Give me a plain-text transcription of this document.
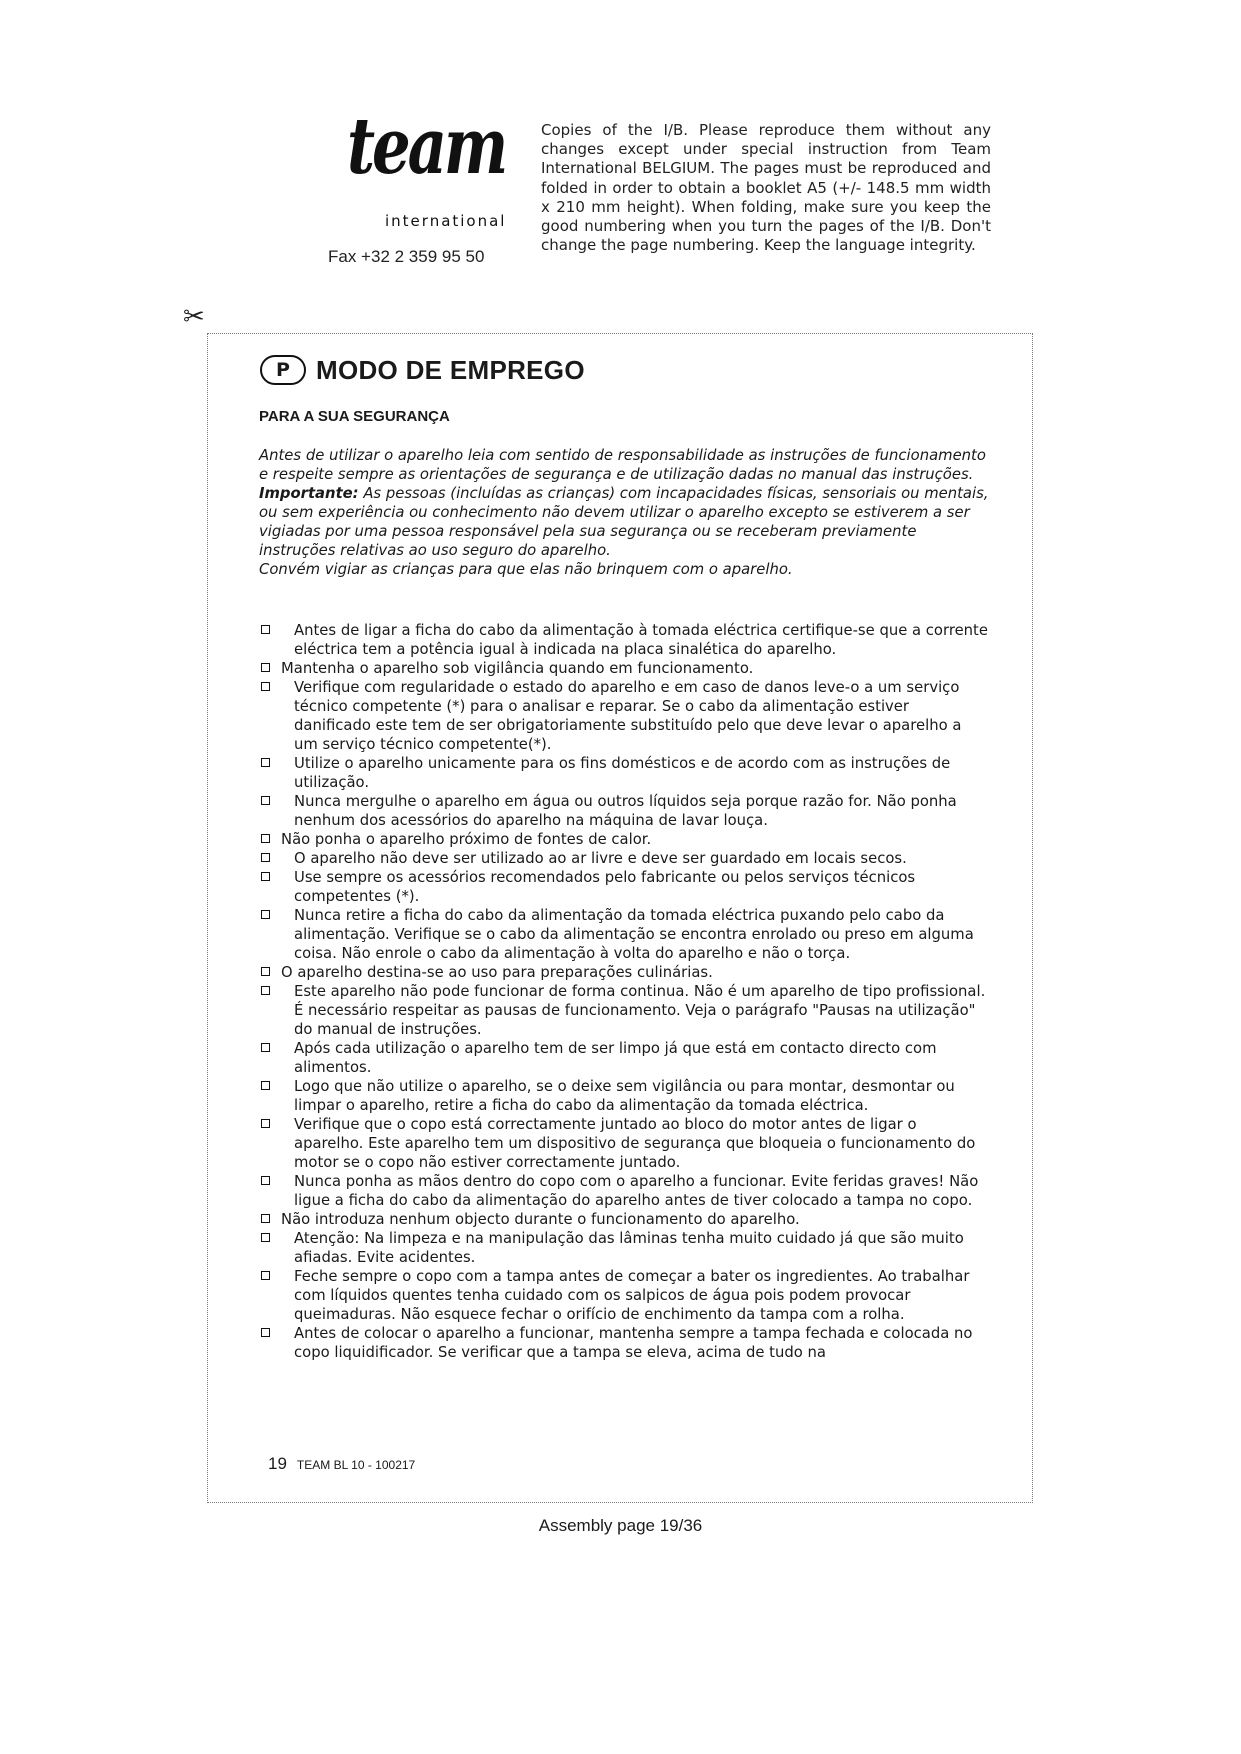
team
international
Fax +32 2 359 95 50
Copies of the I/B. Please reproduce them without any changes except under special instruction from Team International BELGIUM. The pages must be reproduced and folded in order to obtain a booklet A5 (+/- 148.5 mm width x 210 mm height). When folding, make sure you keep the good numbering when you turn the pages of the I/B. Don't change the page numbering. Keep the language integrity.
✂
P	MODO DE EMPREGO
PARA A SUA SEGURANÇA

Antes de utilizar o aparelho leia com sentido de responsabilidade as instruções de funcionamento e respeite sempre as orientações de segurança e de utilização dadas no manual das instruções.

Importante: As pessoas (incluídas as crianças) com incapacidades físicas, sensoriais ou mentais, ou sem experiência ou conhecimento não devem utilizar o aparelho excepto se estiverem a ser vigiadas por uma pessoa responsável pela sua segurança ou se receberam previamente instruções relativas ao uso seguro do aparelho.

Convém vigiar as crianças para que elas não brinquem com o aparelho.

Antes de ligar a ficha do cabo da alimentação à tomada eléctrica certifique-se que a corrente eléctrica tem a potência igual à indicada na placa sinalética do aparelho.
Mantenha o aparelho sob vigilância quando em funcionamento.
Verifique com regularidade o estado do aparelho e em caso de danos leve-o a um serviço técnico competente (*) para o analisar e reparar. Se o cabo da alimentação estiver danificado este tem de ser obrigatoriamente substituído pelo que deve levar o aparelho a um serviço técnico competente(*).
Utilize o aparelho unicamente para os fins domésticos e de acordo com as instruções de utilização.
Nunca mergulhe o aparelho em água ou outros líquidos seja porque razão for. Não ponha nenhum dos acessórios do aparelho na máquina de lavar louça.
Não ponha o aparelho próximo de fontes de calor.
O aparelho não deve ser utilizado ao ar livre e deve ser guardado em locais secos.
Use sempre os acessórios recomendados pelo fabricante ou pelos serviços técnicos competentes (*).
Nunca retire a ficha do cabo da alimentação da tomada eléctrica puxando pelo cabo da alimentação. Verifique se o cabo da alimentação se encontra enrolado ou preso em alguma coisa. Não enrole o cabo da alimentação à volta do aparelho e não o torça.
O aparelho destina-se ao uso para preparações culinárias.
Este aparelho não pode funcionar de forma continua. Não é um aparelho de tipo profissional. É necessário respeitar as pausas de funcionamento. Veja o parágrafo "Pausas na utilização" do manual de instruções.
Após cada utilização o aparelho tem de ser limpo já que está em contacto directo com alimentos.
Logo que não utilize o aparelho, se o deixe sem vigilância ou para montar, desmontar ou limpar o aparelho, retire a ficha do cabo da alimentação da tomada eléctrica.
Verifique que o copo está correctamente juntado ao bloco do motor antes de ligar o aparelho. Este aparelho tem um dispositivo de segurança que bloqueia o funcionamento do motor se o copo não estiver correctamente juntado.
Nunca ponha as mãos dentro do copo com o aparelho a funcionar. Evite feridas graves! Não ligue a ficha do cabo da alimentação do aparelho antes de tiver colocado a tampa no copo.
Não introduza nenhum objecto durante o funcionamento do aparelho.
Atenção: Na limpeza e na manipulação das lâminas tenha muito cuidado já que são muito afiadas. Evite acidentes.
Feche sempre o copo com a tampa antes de começar a bater os ingredientes. Ao trabalhar com líquidos quentes tenha cuidado com os salpicos de água pois podem provocar queimaduras. Não esquece fechar o orifício de enchimento da tampa com a rolha.
Antes de colocar o aparelho a funcionar, mantenha sempre a tampa fechada e colocada no copo liquidificador. Se verificar que a tampa se eleva, acima de tudo na
19 TEAM BL 10 - 100217
Assembly page 19/36
